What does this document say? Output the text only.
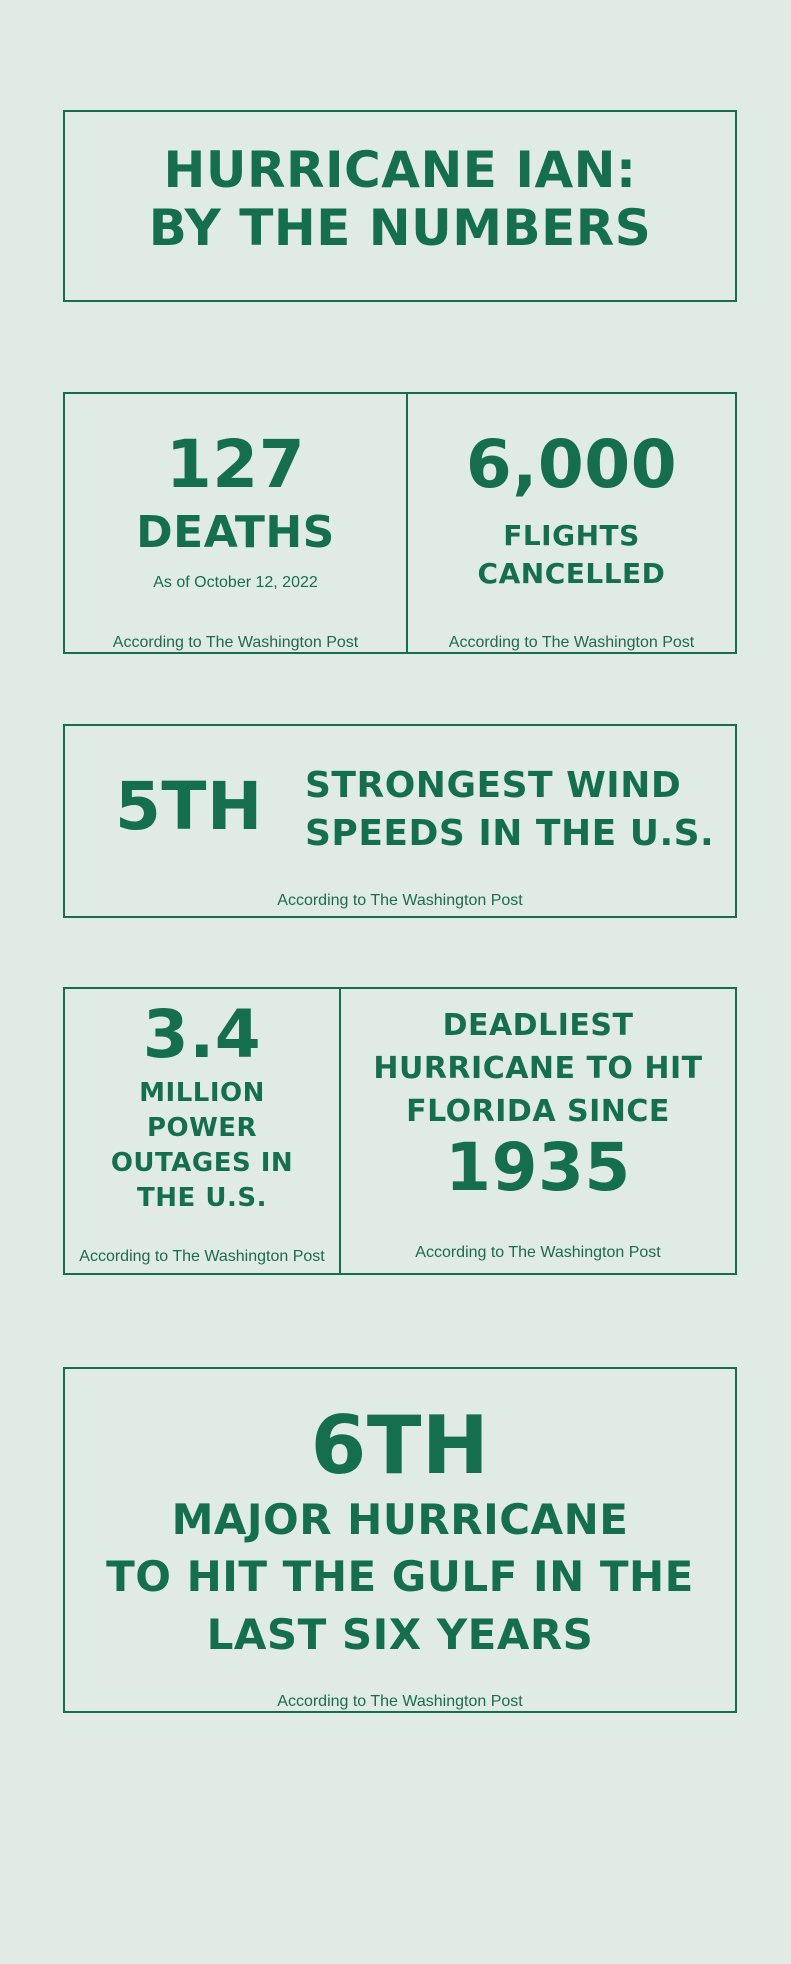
HURRICANE IAN:
BY THE NUMBERS
127
DEATHS
As of October 12, 2022
According to The Washington Post
6,000
FLIGHTS
CANCELLED
According to The Washington Post
5TH STRONGEST WIND
SPEEDS IN THE U.S.
According to The Washington Post
3.4
MILLION
POWER
OUTAGES IN
THE U.S.
According to The Washington Post
DEADLIEST
HURRICANE TO HIT
FLORIDA SINCE
1935
According to The Washington Post
6TH
MAJOR HURRICANE
TO HIT THE GULF IN THE
LAST SIX YEARS
According to The Washington Post
